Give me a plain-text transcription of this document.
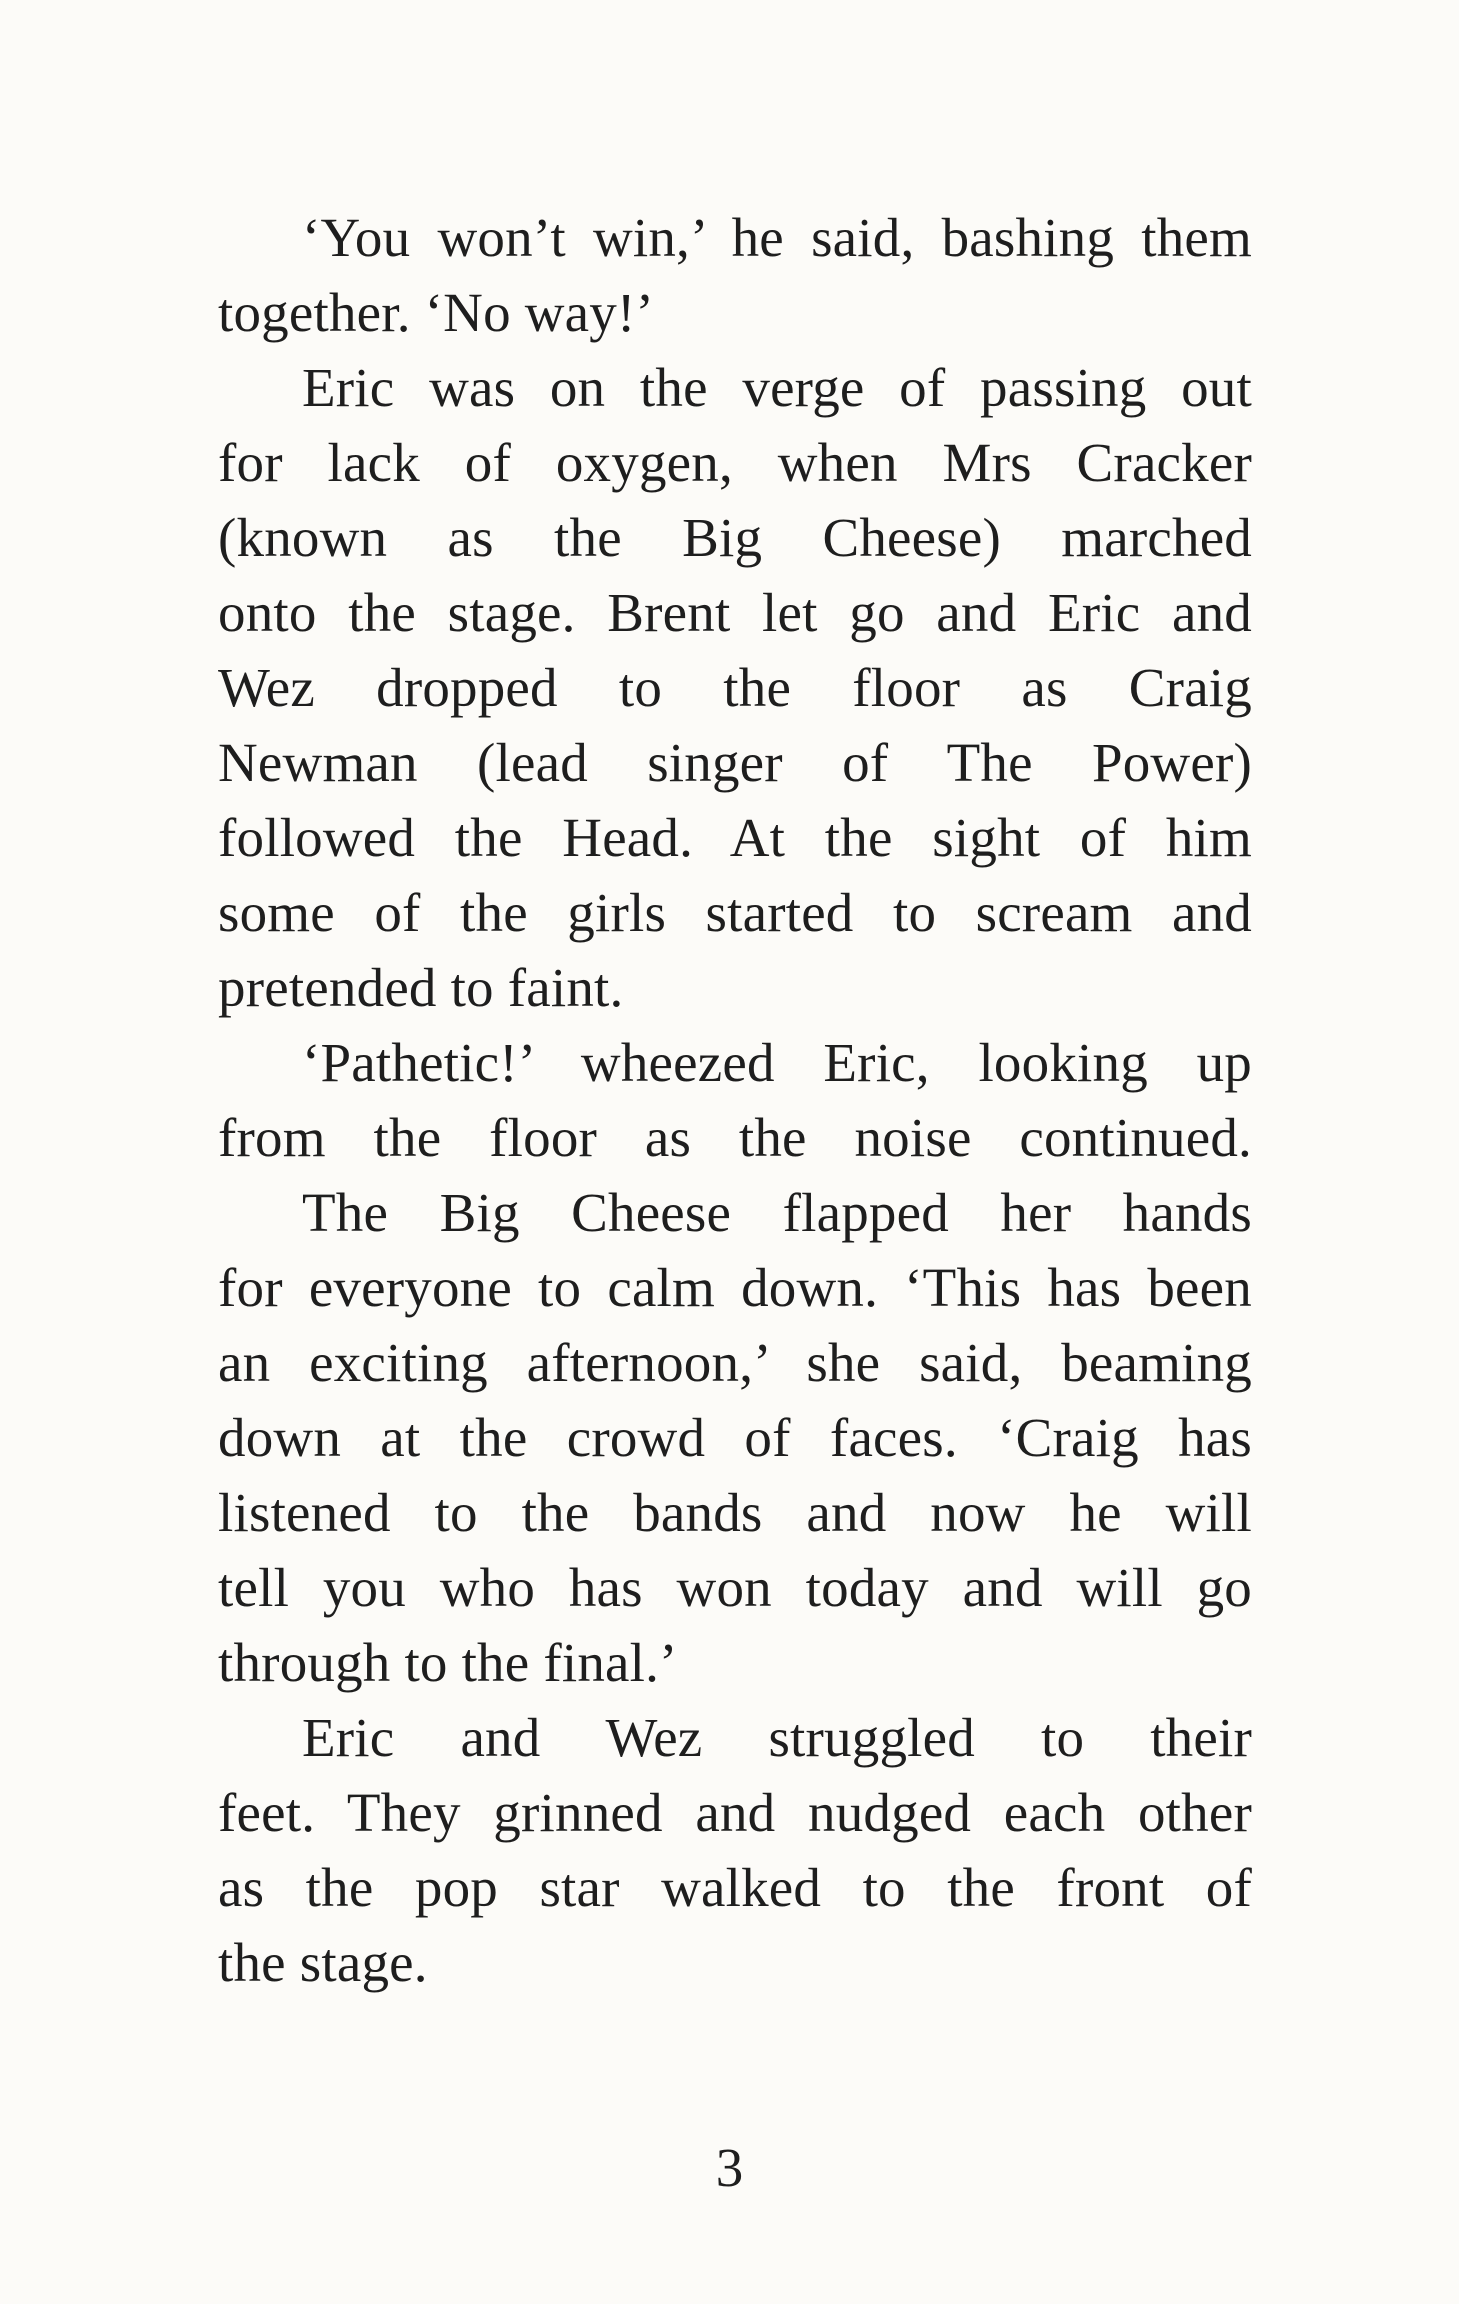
‘You won’t win,’ he said, bashing them
together. ‘No way!’
Eric was on the verge of passing out
for lack of oxygen, when Mrs Cracker
(known as the Big Cheese) marched
onto the stage. Brent let go and Eric and
Wez dropped to the floor as Craig
Newman (lead singer of The Power)
followed the Head. At the sight of him
some of the girls started to scream and
pretended to faint.
‘Pathetic!’ wheezed Eric, looking up
from the floor as the noise continued.
The Big Cheese flapped her hands
for everyone to calm down. ‘This has been
an exciting afternoon,’ she said, beaming
down at the crowd of faces. ‘Craig has
listened to the bands and now he will
tell you who has won today and will go
through to the final.’
Eric and Wez struggled to their
feet. They grinned and nudged each other
as the pop star walked to the front of
the stage.
3
